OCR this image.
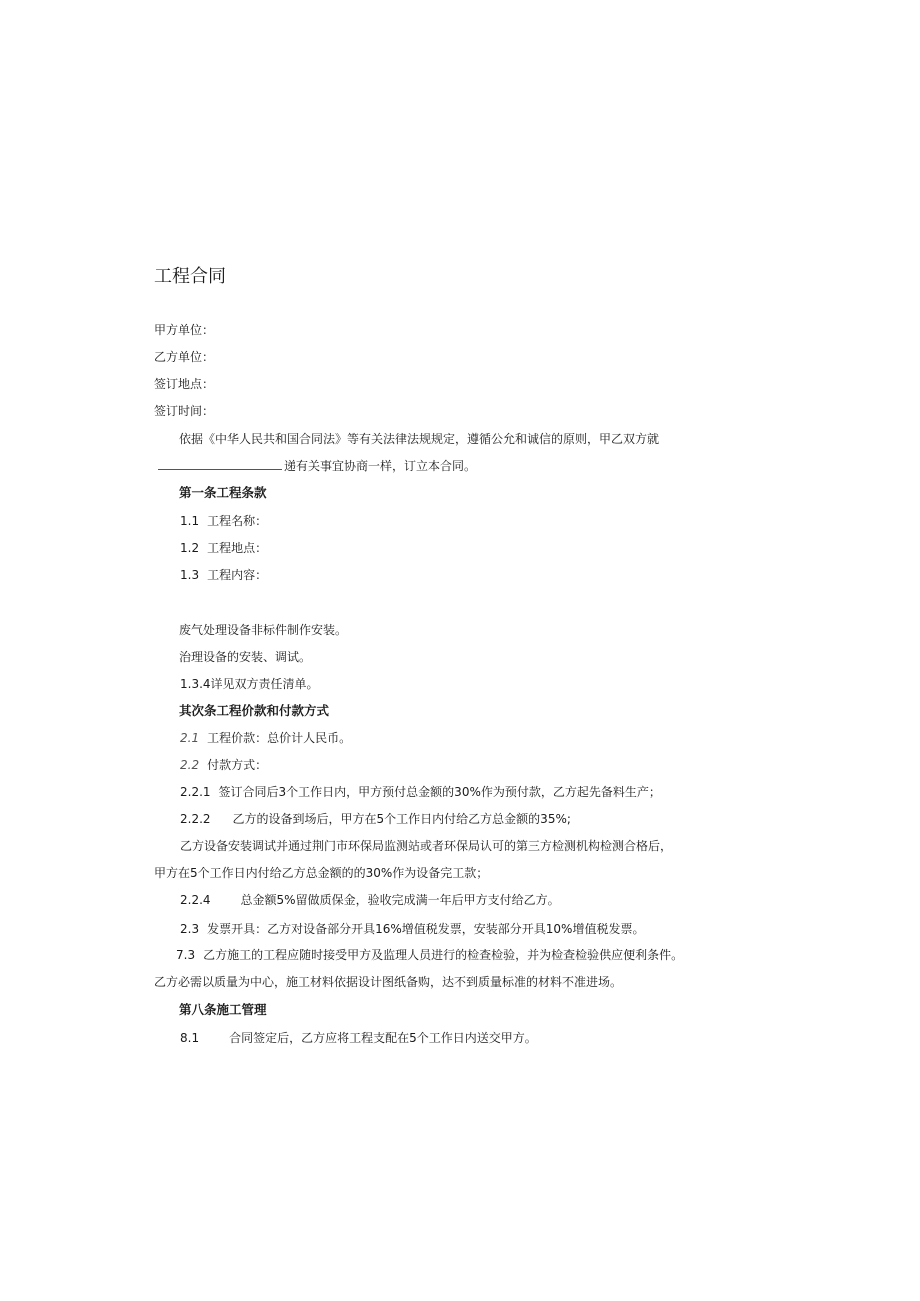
工程合同
甲方单位：
乙方单位：
签订地点：
签订时间：
依据《中华人民共和国合同法》等有关法律法规规定，遵循公允和诚信的原则，甲乙双方就
递有关事宜协商一样，订立本合同。
第一条工程条款
1.1 工程名称：
1.2 工程地点：
1.3 工程内容：
废气处理设备非标件制作安装。
治理设备的安装、调试。
1.3.4详见双方责任清单。
其次条工程价款和付款方式
2.1 工程价款：总价计人民币。
2.2 付款方式：
2.2.1 签订合同后3个工作日内，甲方预付总金额的30%作为预付款，乙方起先备料生产；
2.2.2 乙方的设备到场后，甲方在5个工作日内付给乙方总金额的35%;
乙方设备安装调试并通过荆门市环保局监测站或者环保局认可的第三方检测机构检测合格后，
甲方在5个工作日内付给乙方总金额的的30%作为设备完工款；
2.2.4	总金额5%留做质保金，验收完成满一年后甲方支付给乙方。
2.3 发票开具：乙方对设备部分开具16%增值税发票，安装部分开具10%增值税发票。
7.3 乙方施工的工程应随时接受甲方及监理人员进行的检查检验，并为检查检验供应便利条件。
乙方必需以质量为中心，施工材料依据设计图纸备购，达不到质量标准的材料不准进场。
第八条施工管理
8.1	合同签定后，乙方应将工程支配在5个工作日内送交甲方。
